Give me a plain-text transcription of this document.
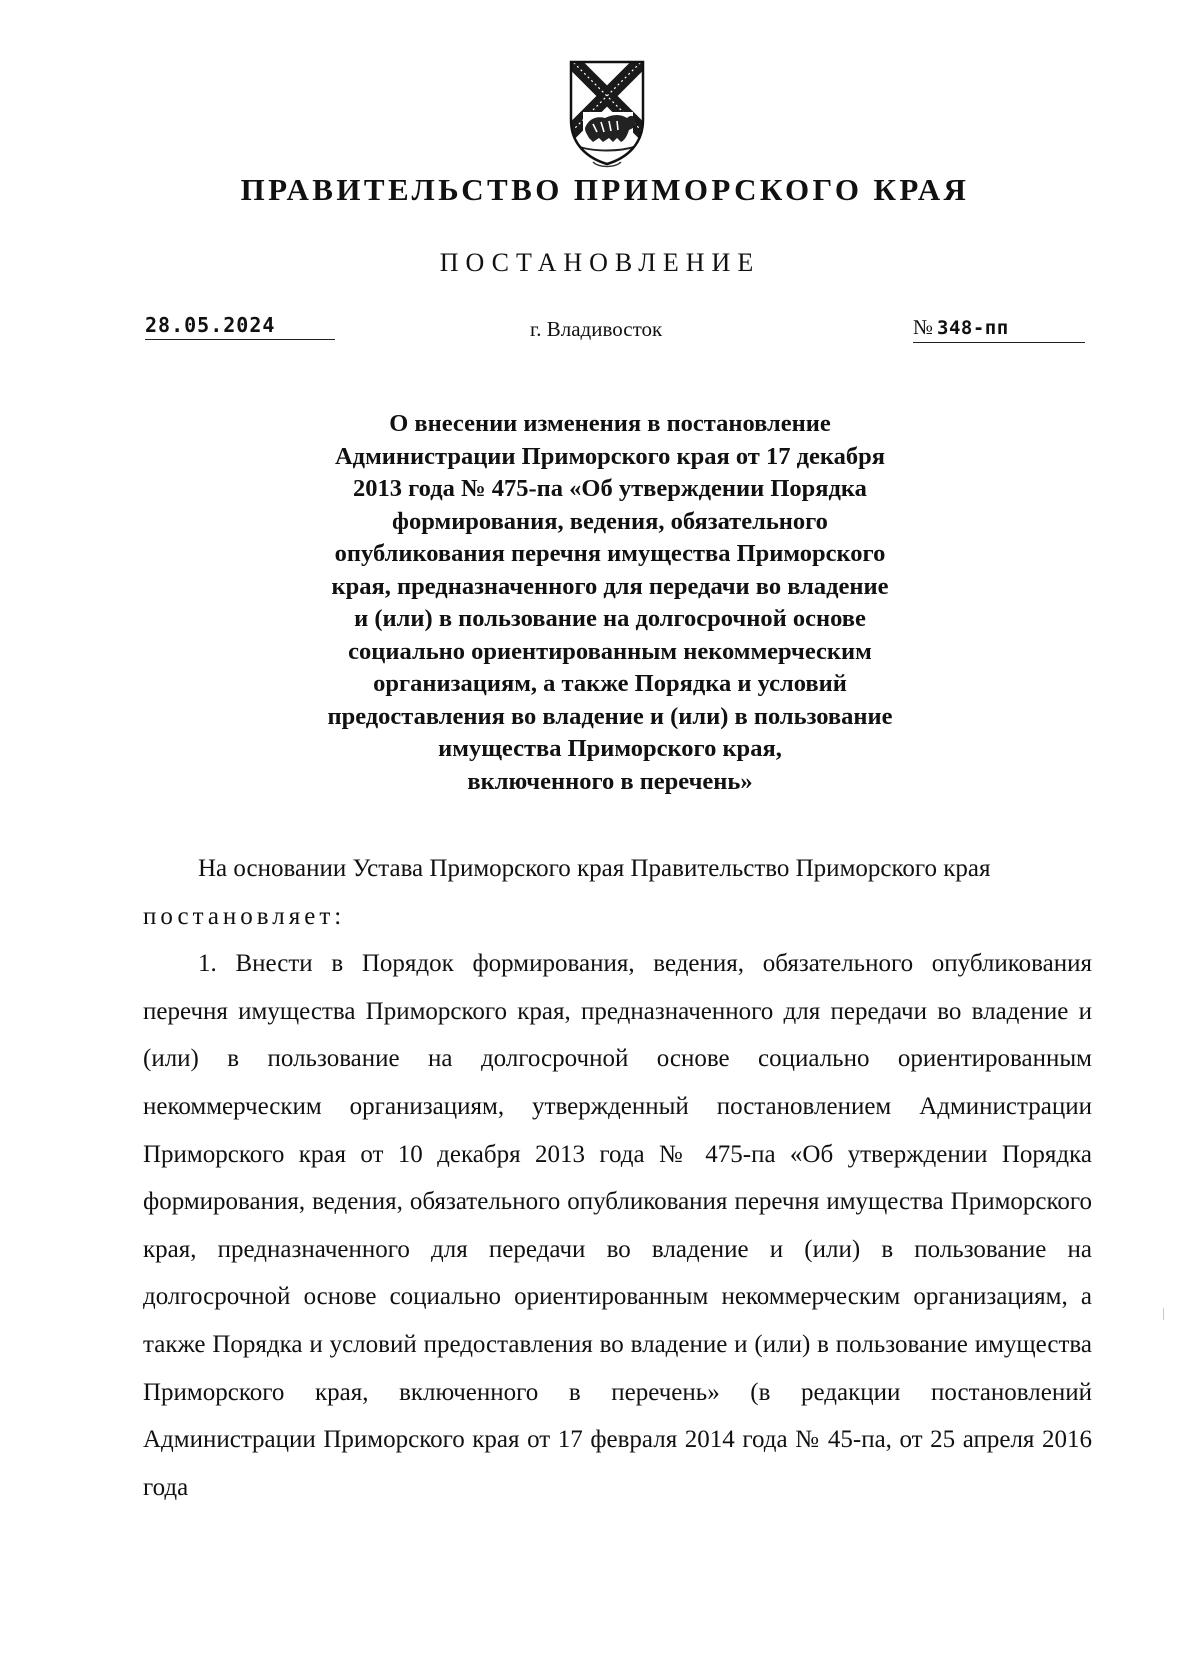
ПРАВИТЕЛЬСТВО ПРИМОРСКОГО КРАЯ
ПОСТАНОВЛЕНИЕ
28.05.2024	г. Владивосток	№ 348-пп
О внесении изменения в постановление
Администрации Приморского края от 17 декабря
2013 года № 475-па «Об утверждении Порядка
формирования, ведения, обязательного
опубликования перечня имущества Приморского
края, предназначенного для передачи во владение
и (или) в пользование на долгосрочной основе
социально ориентированным некоммерческим
организациям, а также Порядка и условий
предоставления во владение и (или) в пользование
имущества Приморского края,
включенного в перечень»

На основании Устава Приморского края Правительство Приморского края
постановляет:

1. Внести в Порядок формирования, ведения, обязательного опубликования перечня имущества Приморского края, предназначенного для передачи во владение и (или) в пользование на долгосрочной основе социально ориентированным некоммерческим организациям, утвержденный постановлением Администрации Приморского края от 10 декабря 2013 года № 475-па «Об утверждении Порядка формирования, ведения, обязательного опубликования перечня имущества Приморского края, предназначенного для передачи во владение и (или) в пользование на долгосрочной основе социально ориентированным некоммерческим организациям, а также Порядка и условий предоставления во владение и (или) в пользование имущества Приморского края, включенного в перечень» (в редакции постановлений Администрации Приморского края от 17 февраля 2014 года № 45-па, от 25 апреля 2016 года
